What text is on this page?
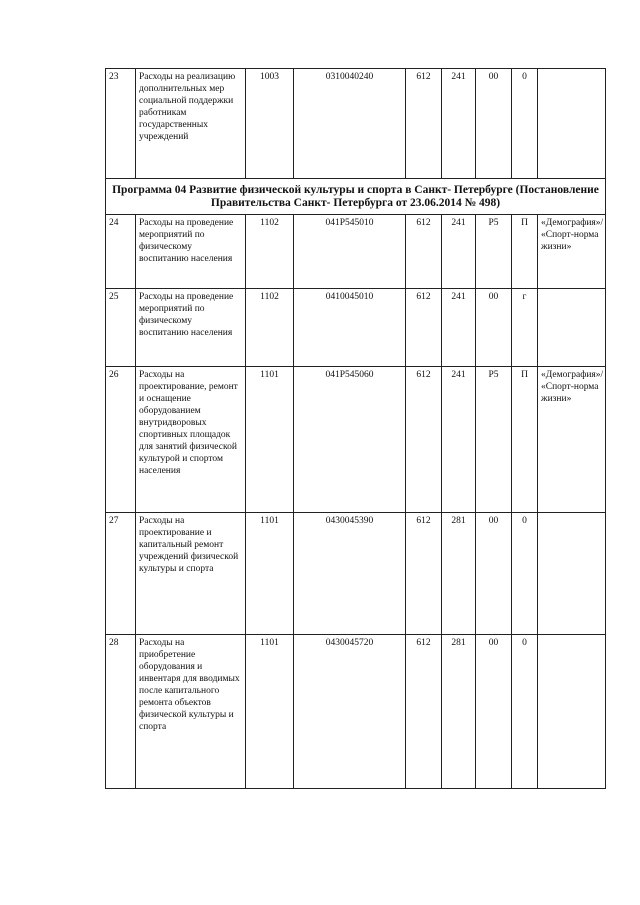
23	Расходы на реализацию дополнительных мер социальной поддержки работникам государственных учреждений	1003	0310040240	612	241	00	0	
Программа 04 Развитие физической культуры и спорта в Санкт- Петербурге (Постановление Правительства Санкт- Петербурга от 23.06.2014 № 498)								
24	Расходы на проведение мероприятий по физическому воспитанию населения	1102	041P545010	612	241	P5	П	«Демография»/ «Спорт-норма жизни»
25	Расходы на проведение мероприятий по физическому воспитанию населения	1102	0410045010	612	241	00	г	
26	Расходы на проектирование, ремонт и оснащение оборудованием внутридворовых спортивных площадок для занятий физической культурой и спортом населения	1101	041P545060	612	241	P5	П	«Демография»/ «Спорт-норма жизни»
27	Расходы на проектирование и капитальный ремонт учреждений физической культуры и спорта	1101	0430045390	612	281	00	0	
28	Расходы на приобретение оборудования и инвентаря для вводимых после капитального ремонта объектов физической культуры и спорта	1101	0430045720	612	281	00	0	
